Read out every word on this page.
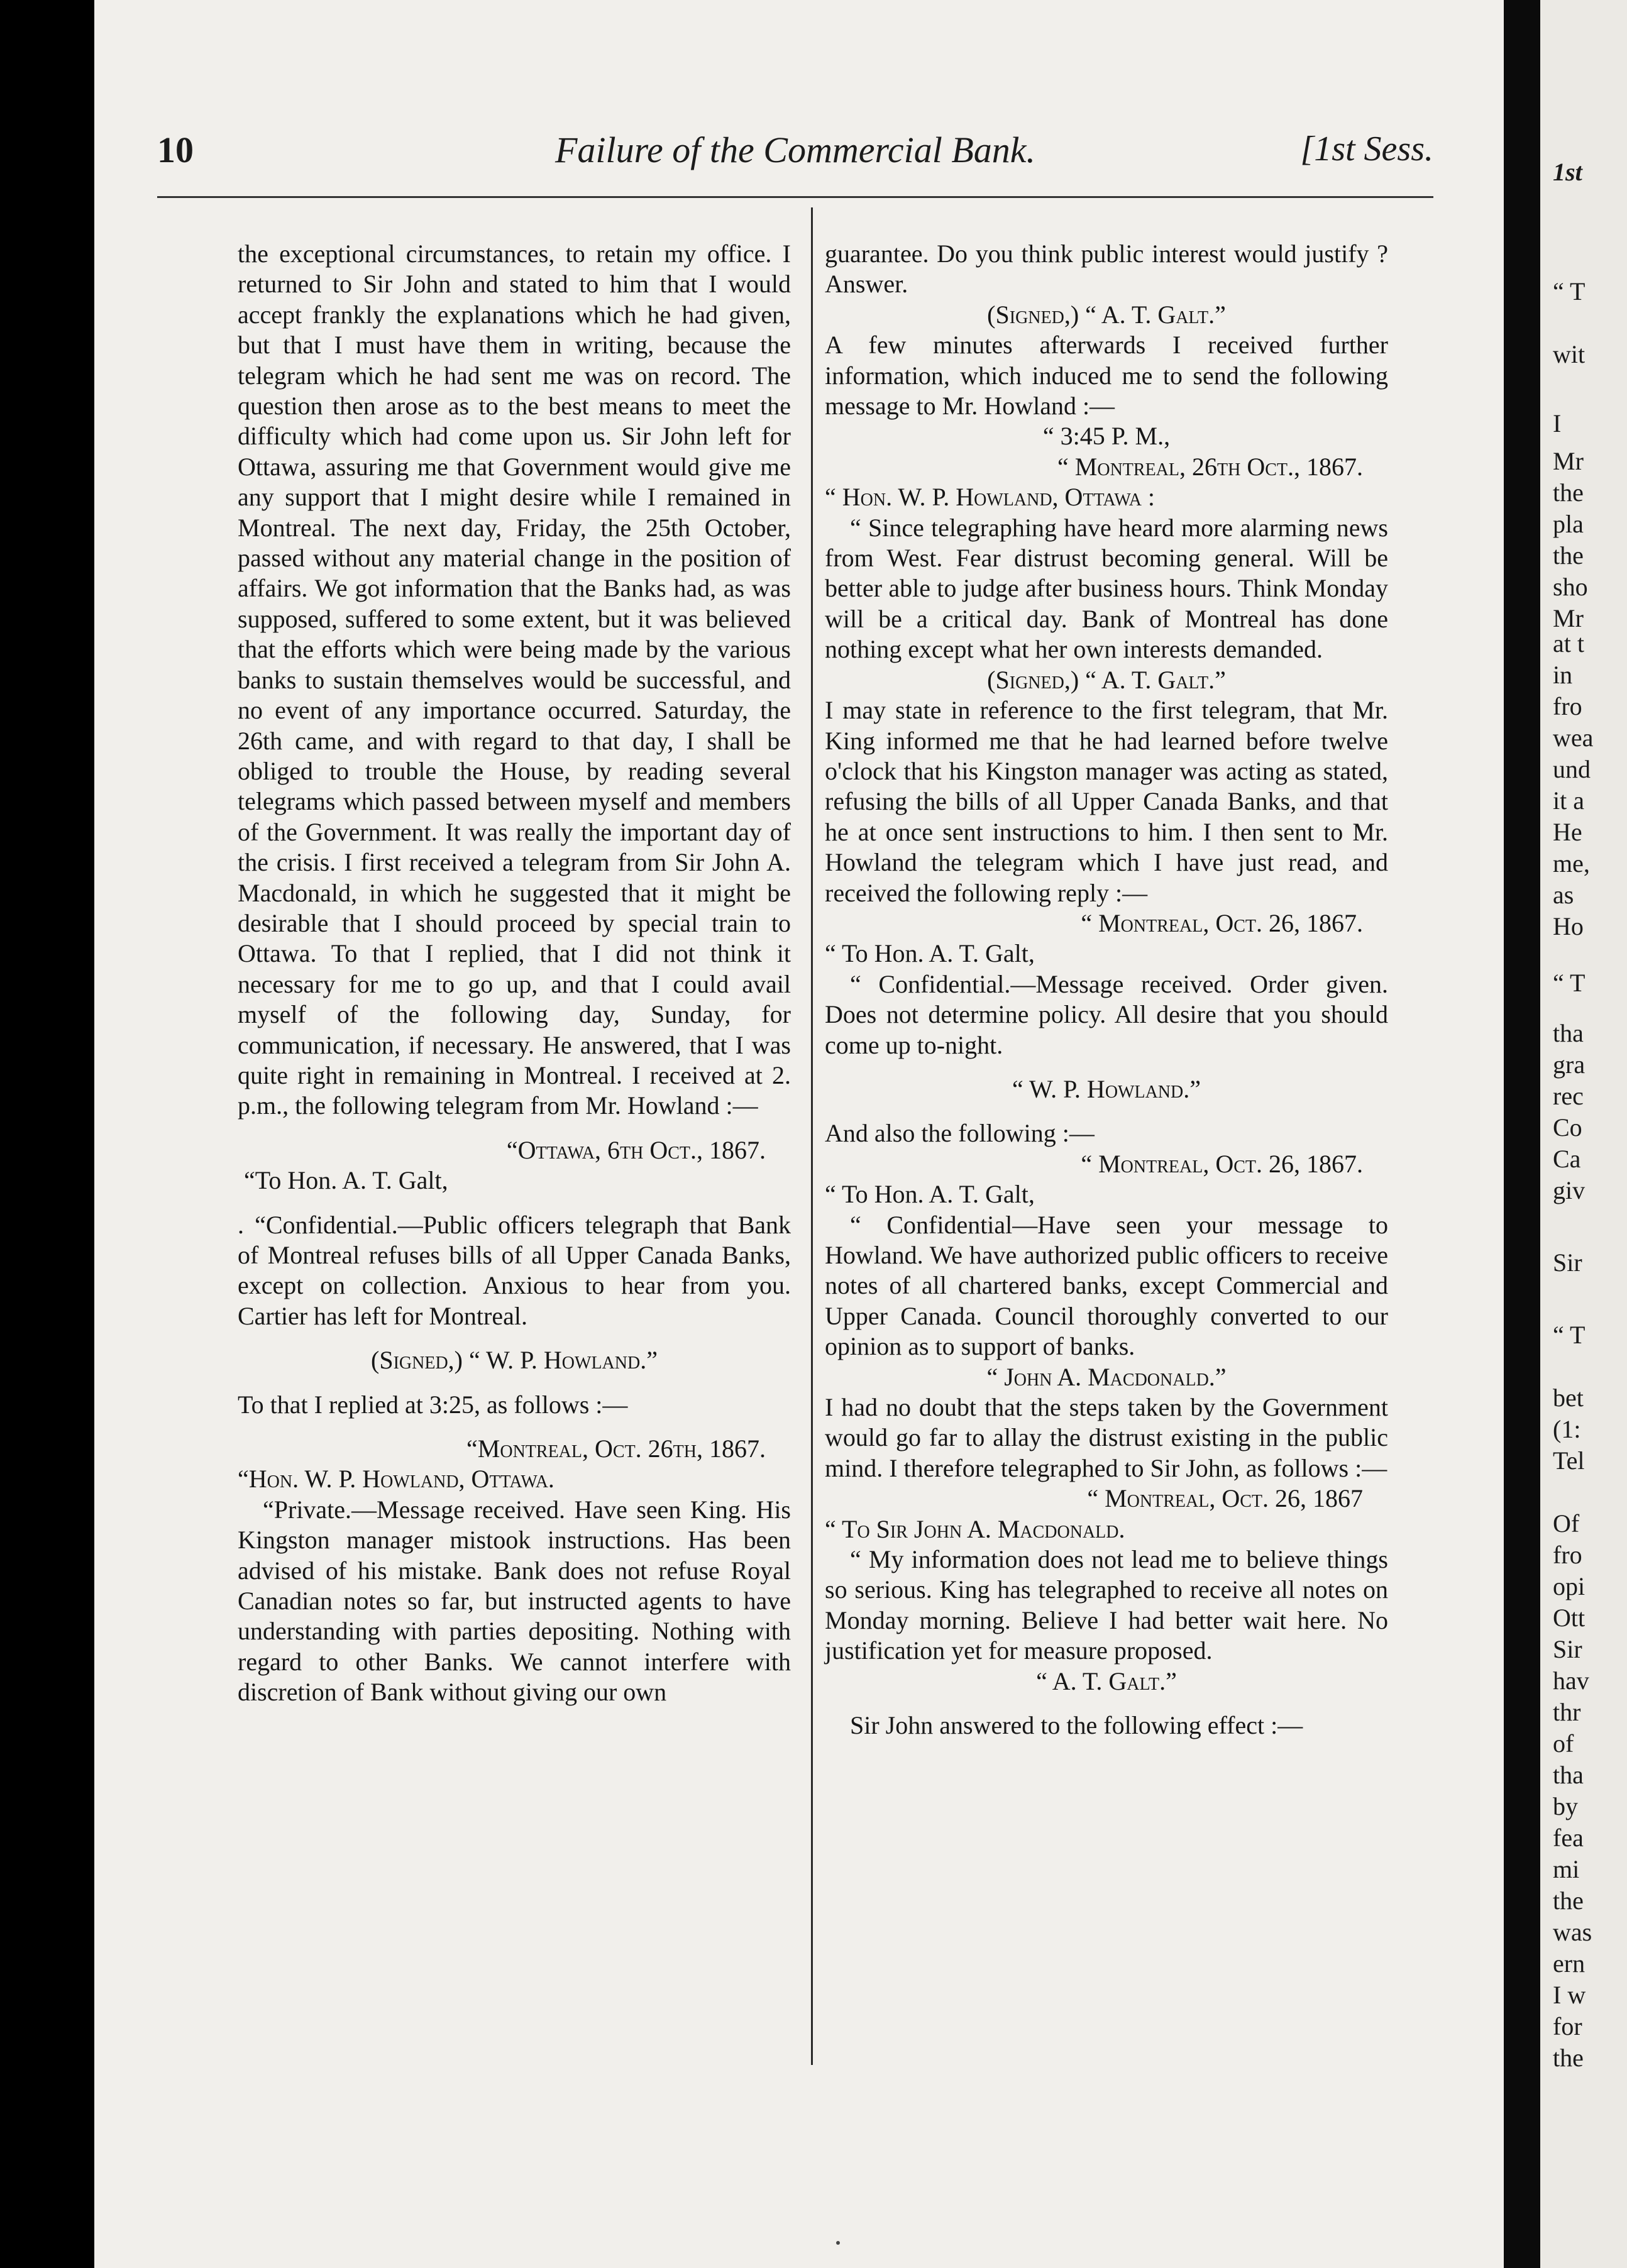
10	Failure of the Commercial Bank.	[1st Sess.

the exceptional circumstances, to retain my office. I returned to Sir John and stated to him that I would accept frankly the explanations which he had given, but that I must have them in writing, because the telegram which he had sent me was on record. The question then arose as to the best means to meet the difficulty which had come upon us. Sir John left for Ottawa, assuring me that Government would give me any support that I might desire while I remained in Montreal. The next day, Friday, the 25th October, passed without any material change in the position of affairs. We got information that the Banks had, as was supposed, suffered to some extent, but it was believed that the efforts which were being made by the various banks to sustain themselves would be successful, and no event of any importance occurred. Saturday, the 26th came, and with regard to that day, I shall be obliged to trouble the House, by reading several telegrams which passed between myself and members of the Government. It was really the important day of the crisis. I first received a telegram from Sir John A. Macdonald, in which he suggested that it might be desirable that I should proceed by special train to Ottawa. To that I replied, that I did not think it necessary for me to go up, and that I could avail myself of the following day, Sunday, for communication, if necessary. He answered, that I was quite right in remaining in Montreal. I received at 2. p.m., the following telegram from Mr. Howland :—

“Ottawa, 6th Oct., 1867.

“To Hon. A. T. Galt,

. “Confidential.—Public officers telegraph that Bank of Montreal refuses bills of all Upper Canada Banks, except on collection. Anxious to hear from you. Cartier has left for Montreal.

(Signed,) “ W. P. Howland.”

To that I replied at 3:25, as follows :—

“Montreal, Oct. 26th, 1867.

“Hon. W. P. Howland, Ottawa.

“Private.—Message received. Have seen King. His Kingston manager mistook instructions. Has been advised of his mistake. Bank does not refuse Royal Canadian notes so far, but instructed agents to have understanding with parties depositing. Nothing with regard to other Banks. We cannot interfere with discretion of Bank without giving our own

guarantee. Do you think public interest would justify ? Answer.

(Signed,) “ A. T. Galt.”

A few minutes afterwards I received further information, which induced me to send the following message to Mr. Howland :—

“ 3:45 P. M.,

“ Montreal, 26th Oct., 1867.

“ Hon. W. P. Howland, Ottawa :

“ Since telegraphing have heard more alarming news from West. Fear distrust becoming general. Will be better able to judge after business hours. Think Monday will be a critical day. Bank of Montreal has done nothing except what her own interests demanded.

(Signed,) “ A. T. Galt.”

I may state in reference to the first telegram, that Mr. King informed me that he had learned before twelve o'clock that his Kingston manager was acting as stated, refusing the bills of all Upper Canada Banks, and that he at once sent instructions to him. I then sent to Mr. Howland the telegram which I have just read, and received the following reply :—

“ Montreal, Oct. 26, 1867.

“ To Hon. A. T. Galt,

“ Confidential.—Message received. Order given. Does not determine policy. All desire that you should come up to-night.

“ W. P. Howland.”

And also the following :—

“ Montreal, Oct. 26, 1867.

“ To Hon. A. T. Galt,

“ Confidential—Have seen your message to Howland. We have authorized public officers to receive notes of all chartered banks, except Commercial and Upper Canada. Council thoroughly converted to our opinion as to support of banks.

“ John A. Macdonald.”

I had no doubt that the steps taken by the Government would go far to allay the distrust existing in the public mind. I therefore telegraphed to Sir John, as follows :—

“ Montreal, Oct. 26, 1867

“ To Sir John A. Macdonald.

“ My information does not lead me to believe things so serious. King has telegraphed to receive all notes on Monday morning. Believe I had better wait here. No justification yet for measure proposed.

“ A. T. Galt.”

Sir John answered to the following effect :—

1st
“ T
wit
I
Mr
the
pla
the
sho
Mr
at t
in
fro
wea
und
it a
He
me,
as
Ho
“ T
tha
gra
rec
Co
Ca
giv
Sir
“ T
bet
(1:
Tel
Of
fro
opi
Ott
Sir
hav
thr
of
tha
by
fea
mi
the
was
ern
I w
for
the
